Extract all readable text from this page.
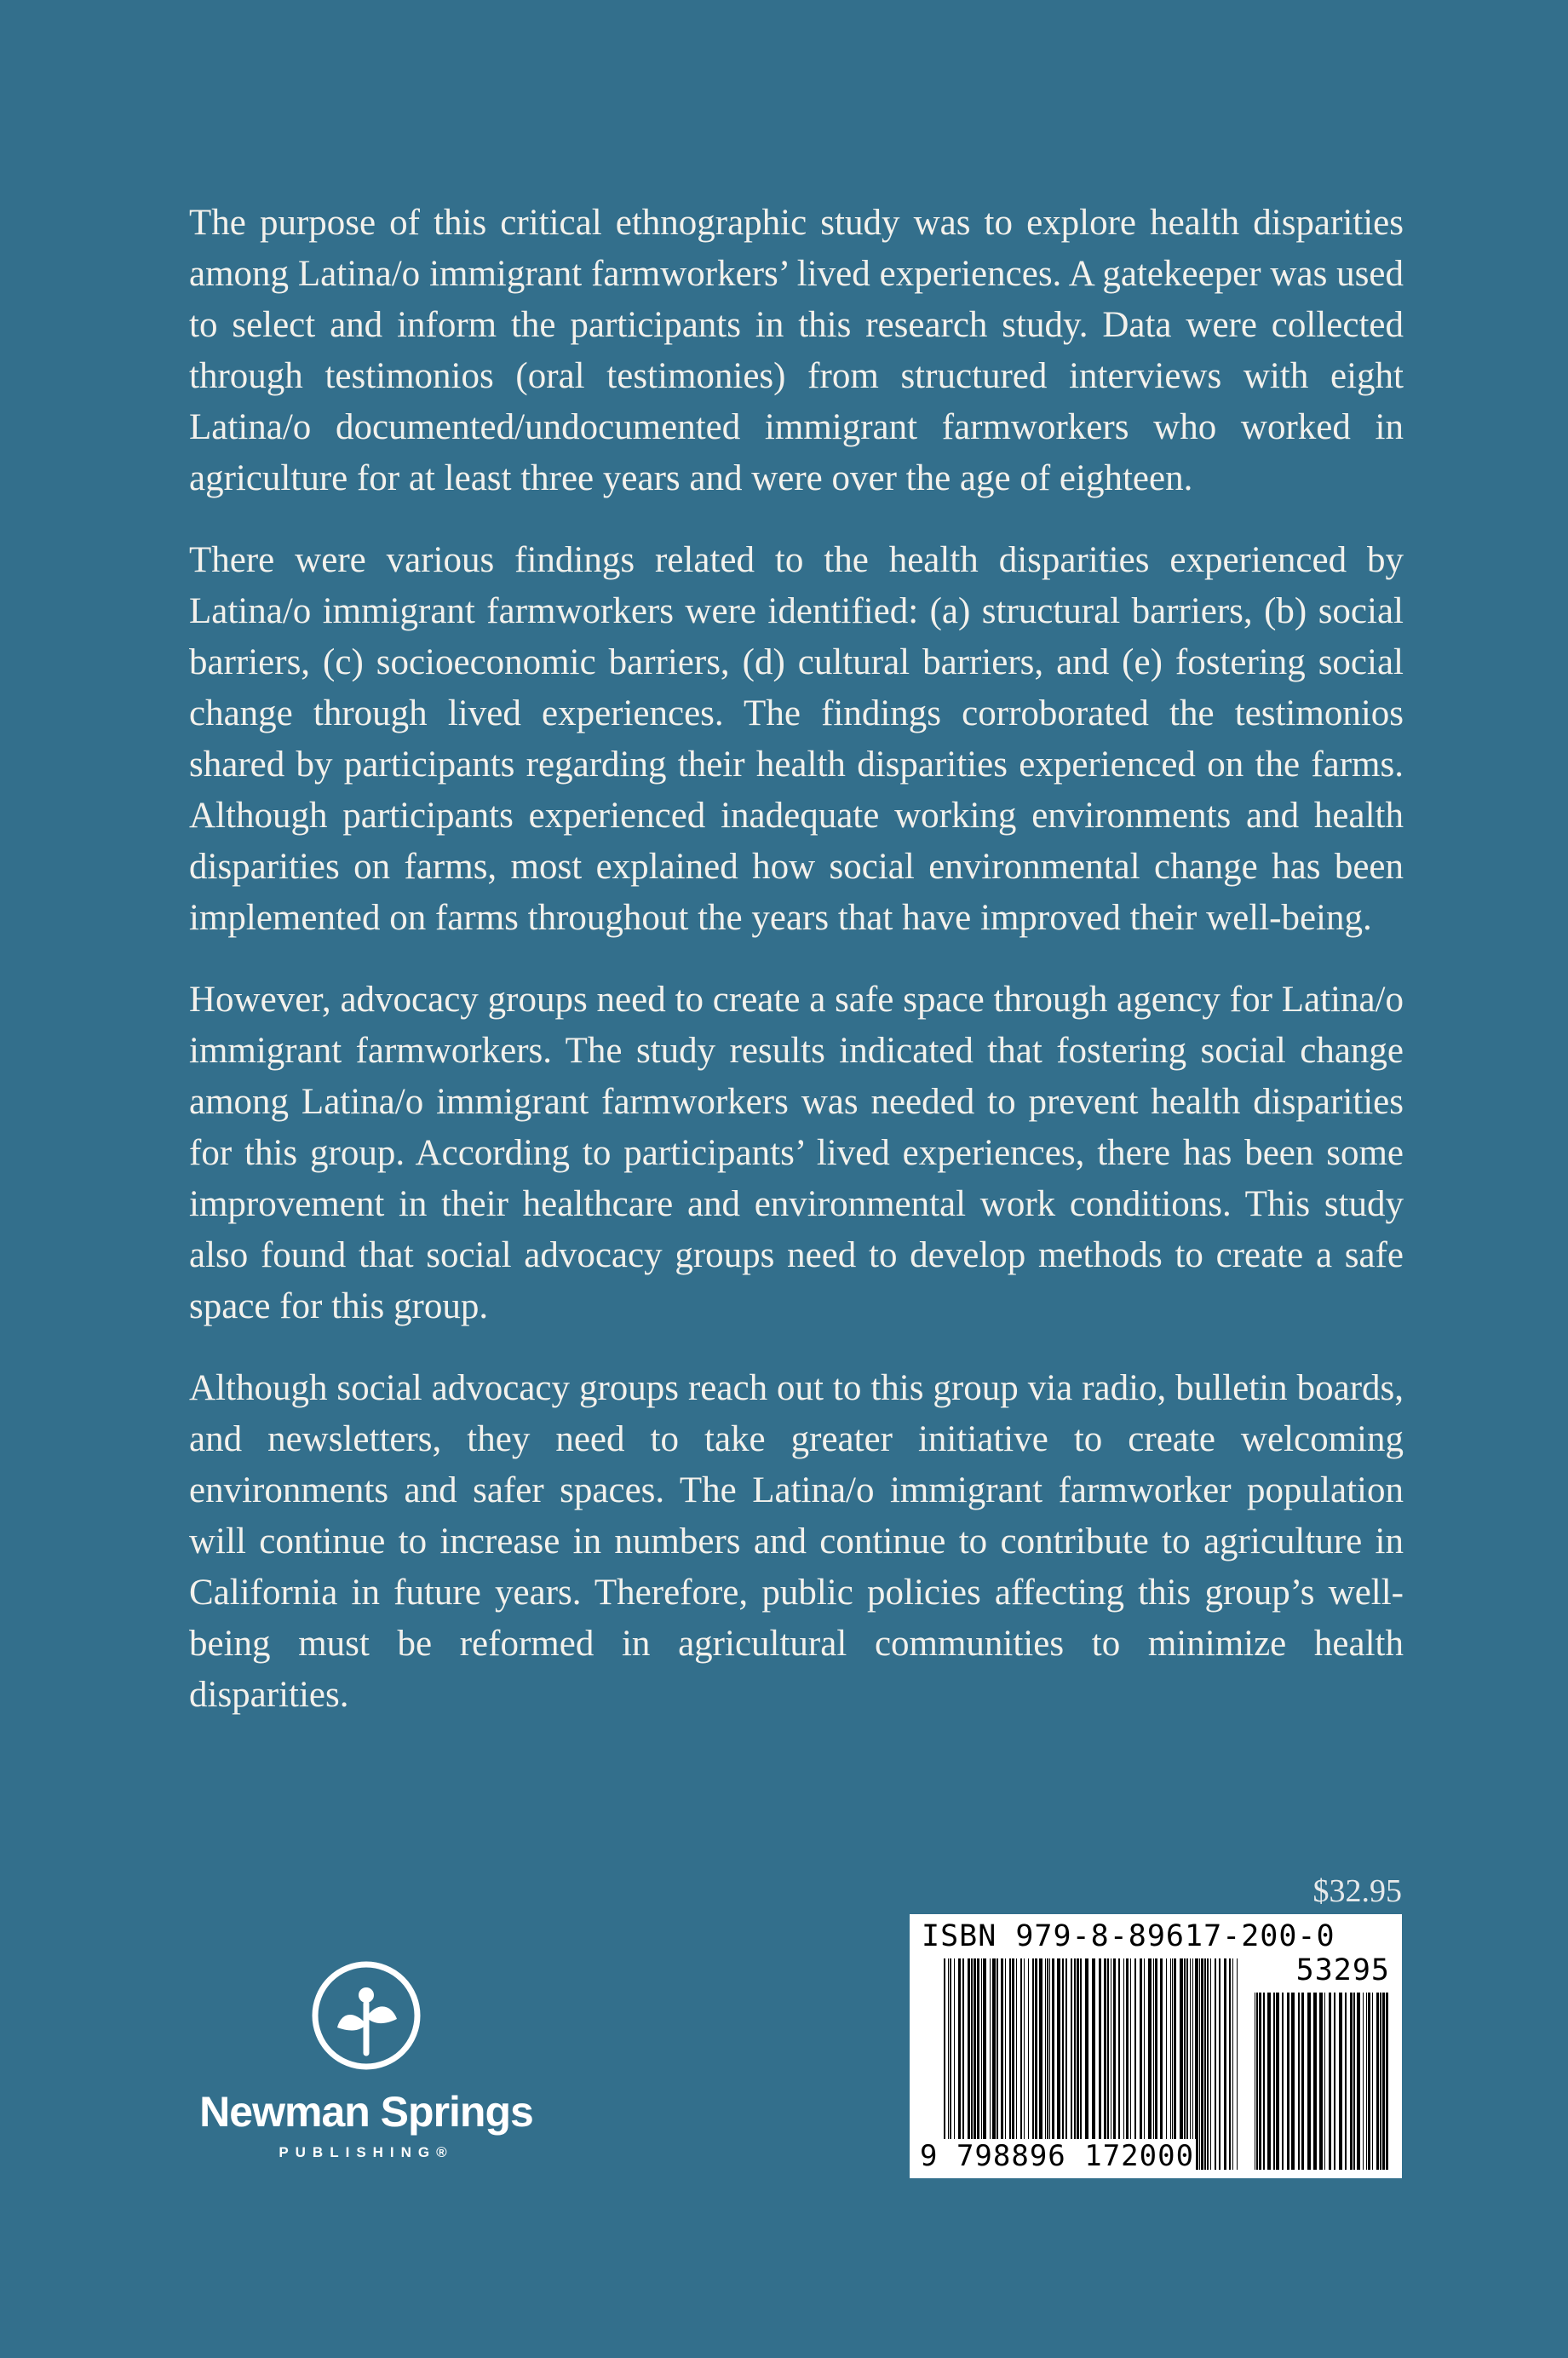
The purpose of this critical ethnographic study was to explore health disparities among Latina/o immigrant farmworkers’ lived experiences. A gatekeeper was used to select and inform the participants in this research study. Data were collected through testimonios (oral testimonies) from structured interviews with eight Latina/o documented/undocumented immigrant farmworkers who worked in agriculture for at least three years and were over the age of eighteen.

There were various findings related to the health disparities experienced by Latina/o immigrant farmworkers were identified: (a) structural barriers, (b) social barriers, (c) socioeconomic barriers, (d) cultural barriers, and (e) fostering social change through lived experiences. The findings corroborated the testimonios shared by participants regarding their health disparities experienced on the farms. Although participants experienced inadequate working environments and health disparities on farms, most explained how social environmental change has been implemented on farms throughout the years that have improved their well-being.

However, advocacy groups need to create a safe space through agency for Latina/o immigrant farmworkers. The study results indicated that fostering social change among Latina/o immigrant farmworkers was needed to prevent health disparities for this group. According to participants’ lived experiences, there has been some improvement in their healthcare and environmental work conditions. This study also found that social advocacy groups need to develop methods to create a safe space for this group.

Although social advocacy groups reach out to this group via radio, bulletin boards, and newsletters, they need to take greater initiative to create welcoming environments and safer spaces. The Latina/o immigrant farmworker population will continue to increase in numbers and continue to contribute to agriculture in California in future years. Therefore, public policies affecting this group’s well-being must be reformed in agricultural communities to minimize health disparities.

Newman Springs
PUBLISHING®
$32.95
ISBN 979-8-89617-200-0
53295
9 798896 172000
